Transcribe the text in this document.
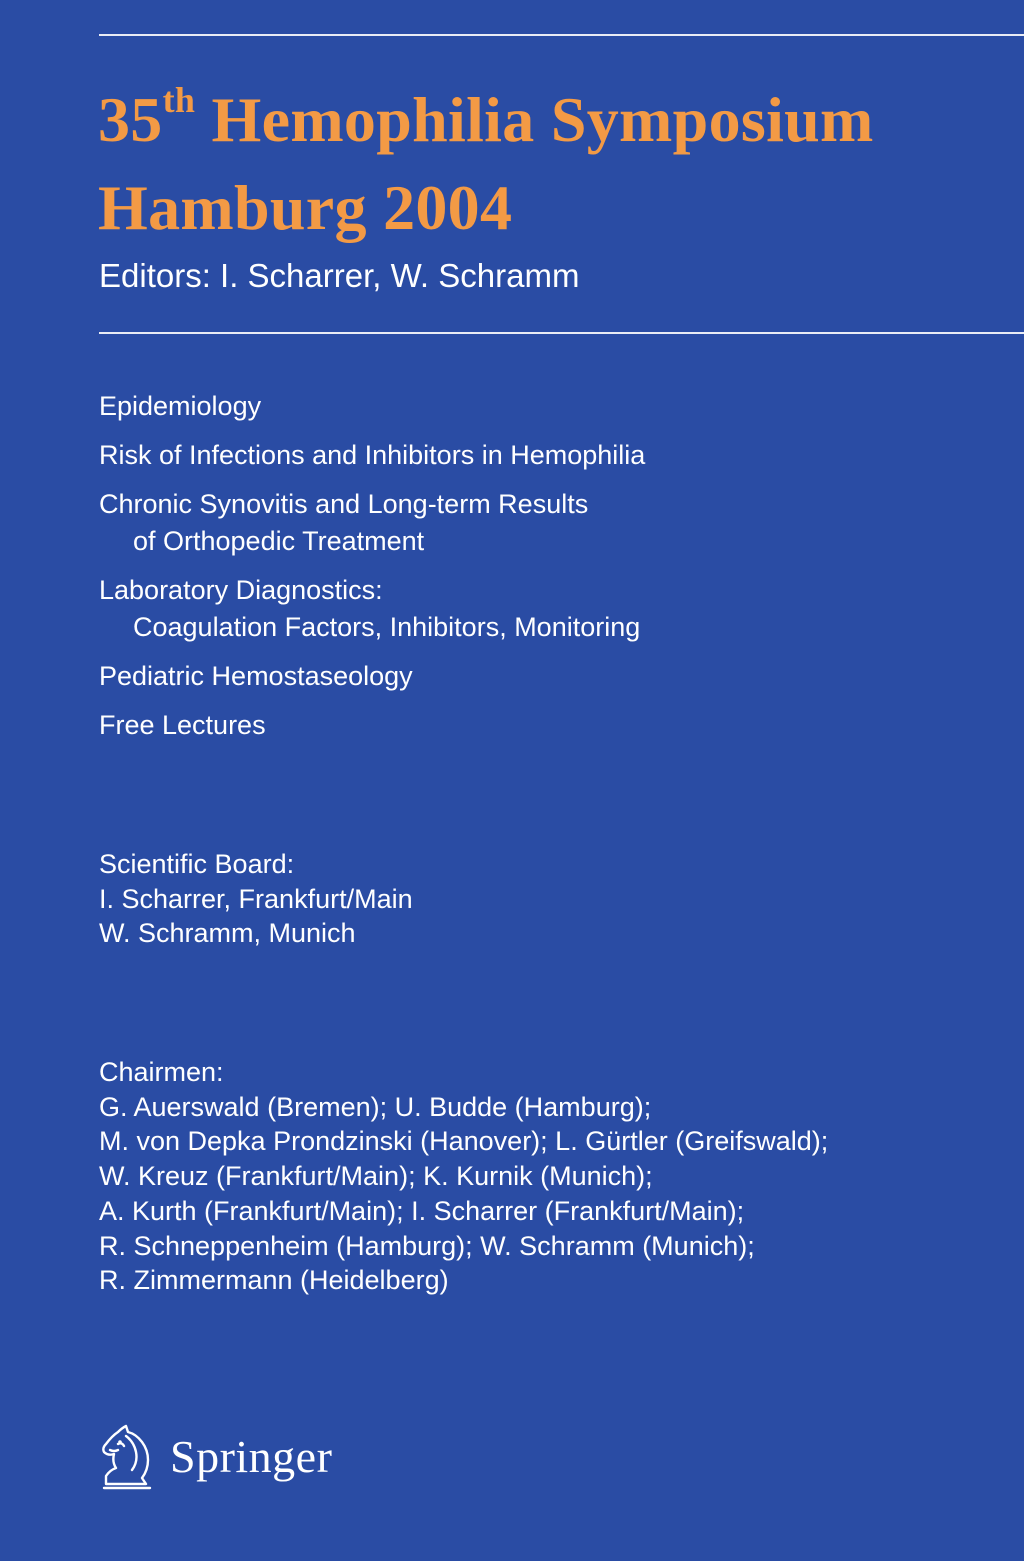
35th Hemophilia Symposium
Hamburg 2004
Editors: I. Scharrer, W. Schramm
Epidemiology
Risk of Infections and Inhibitors in Hemophilia
Chronic Synovitis and Long-term Results
of Orthopedic Treatment
Laboratory Diagnostics:
Coagulation Factors, Inhibitors, Monitoring
Pediatric Hemostaseology
Free Lectures
Scientific Board:
I. Scharrer, Frankfurt/Main
W. Schramm, Munich
Chairmen:
G. Auerswald (Bremen); U. Budde (Hamburg);
M. von Depka Prondzinski (Hanover); L. Gürtler (Greifswald);
W. Kreuz (Frankfurt/Main); K. Kurnik (Munich);
A. Kurth (Frankfurt/Main); I. Scharrer (Frankfurt/Main);
R. Schneppenheim (Hamburg); W. Schramm (Munich);
R. Zimmermann (Heidelberg)
Springer
